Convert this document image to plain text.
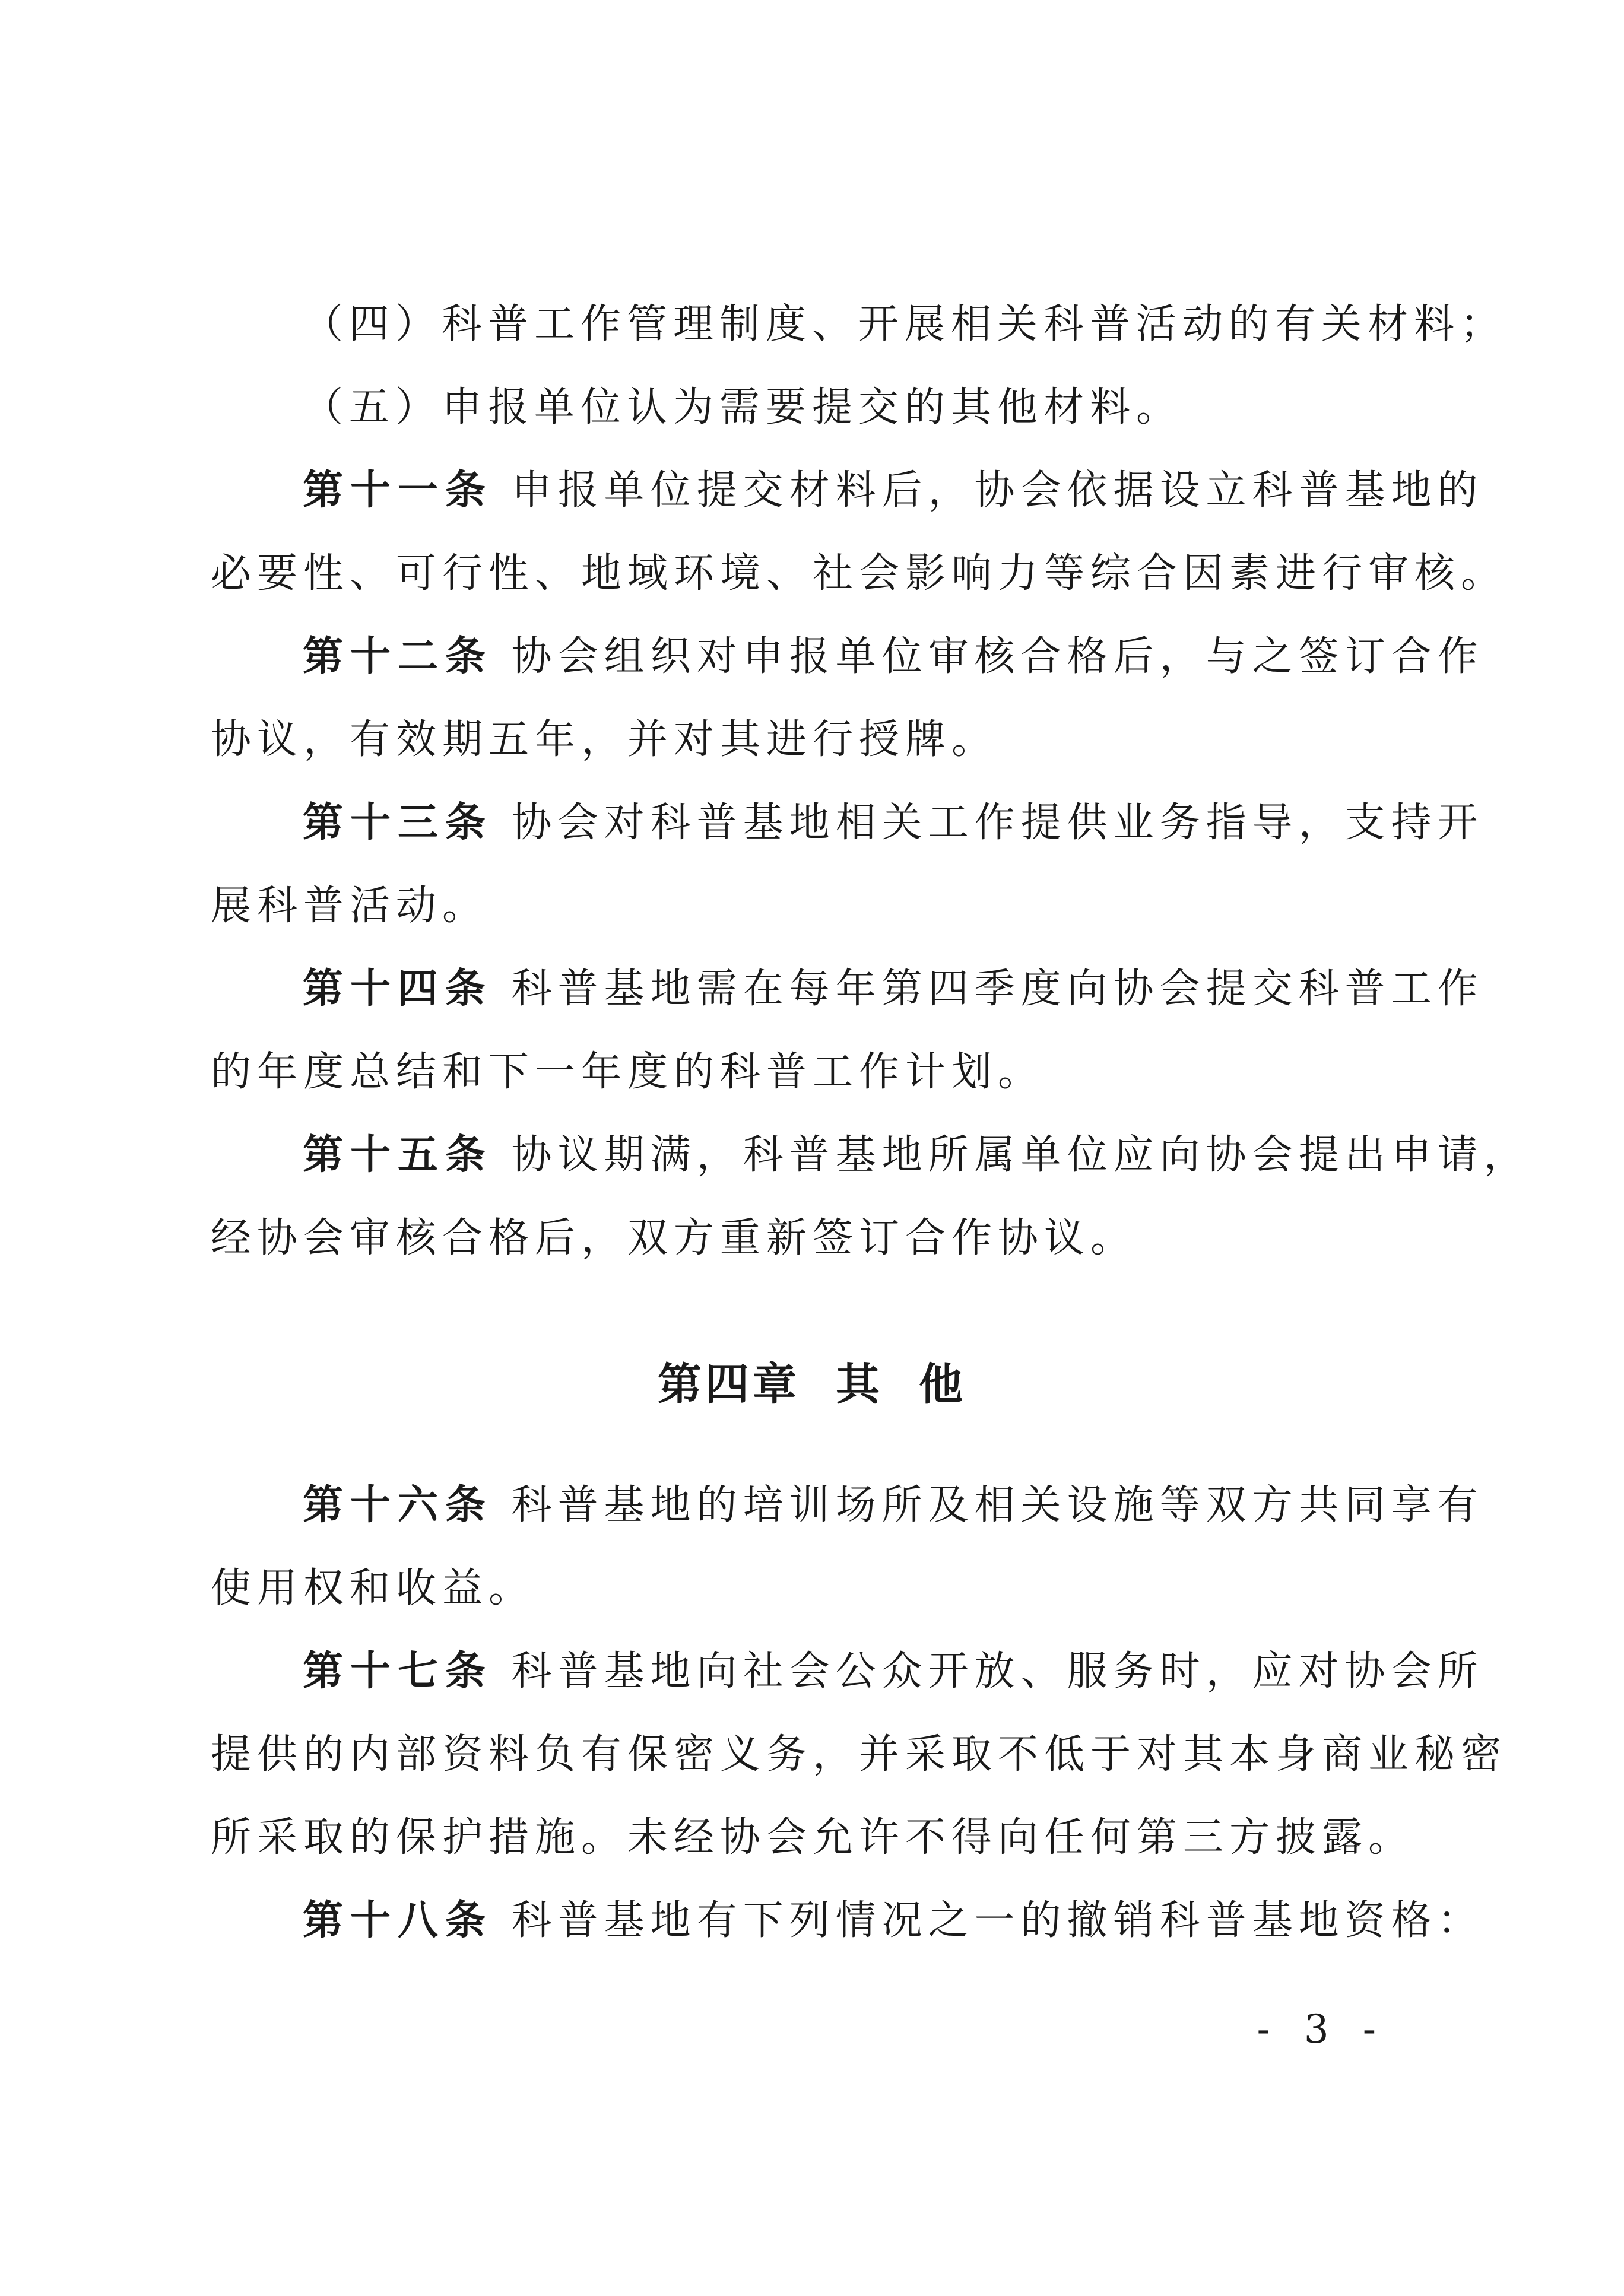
（四）科普工作管理制度、开展相关科普活动的有关材料；
（五）申报单位认为需要提交的其他材料。
第十一条 申报单位提交材料后，协会依据设立科普基地的
必要性、可行性、地域环境、社会影响力等综合因素进行审核。
第十二条 协会组织对申报单位审核合格后，与之签订合作
协议，有效期五年，并对其进行授牌。
第十三条 协会对科普基地相关工作提供业务指导，支持开
展科普活动。
第十四条 科普基地需在每年第四季度向协会提交科普工作
的年度总结和下一年度的科普工作计划。
第十五条 协议期满，科普基地所属单位应向协会提出申请，
经协会审核合格后，双方重新签订合作协议。
第四章 其 他
第十六条 科普基地的培训场所及相关设施等双方共同享有
使用权和收益。
第十七条 科普基地向社会公众开放、服务时，应对协会所
提供的内部资料负有保密义务，并采取不低于对其本身商业秘密
所采取的保护措施。未经协会允许不得向任何第三方披露。
第十八条 科普基地有下列情况之一的撤销科普基地资格：
- 3 -
